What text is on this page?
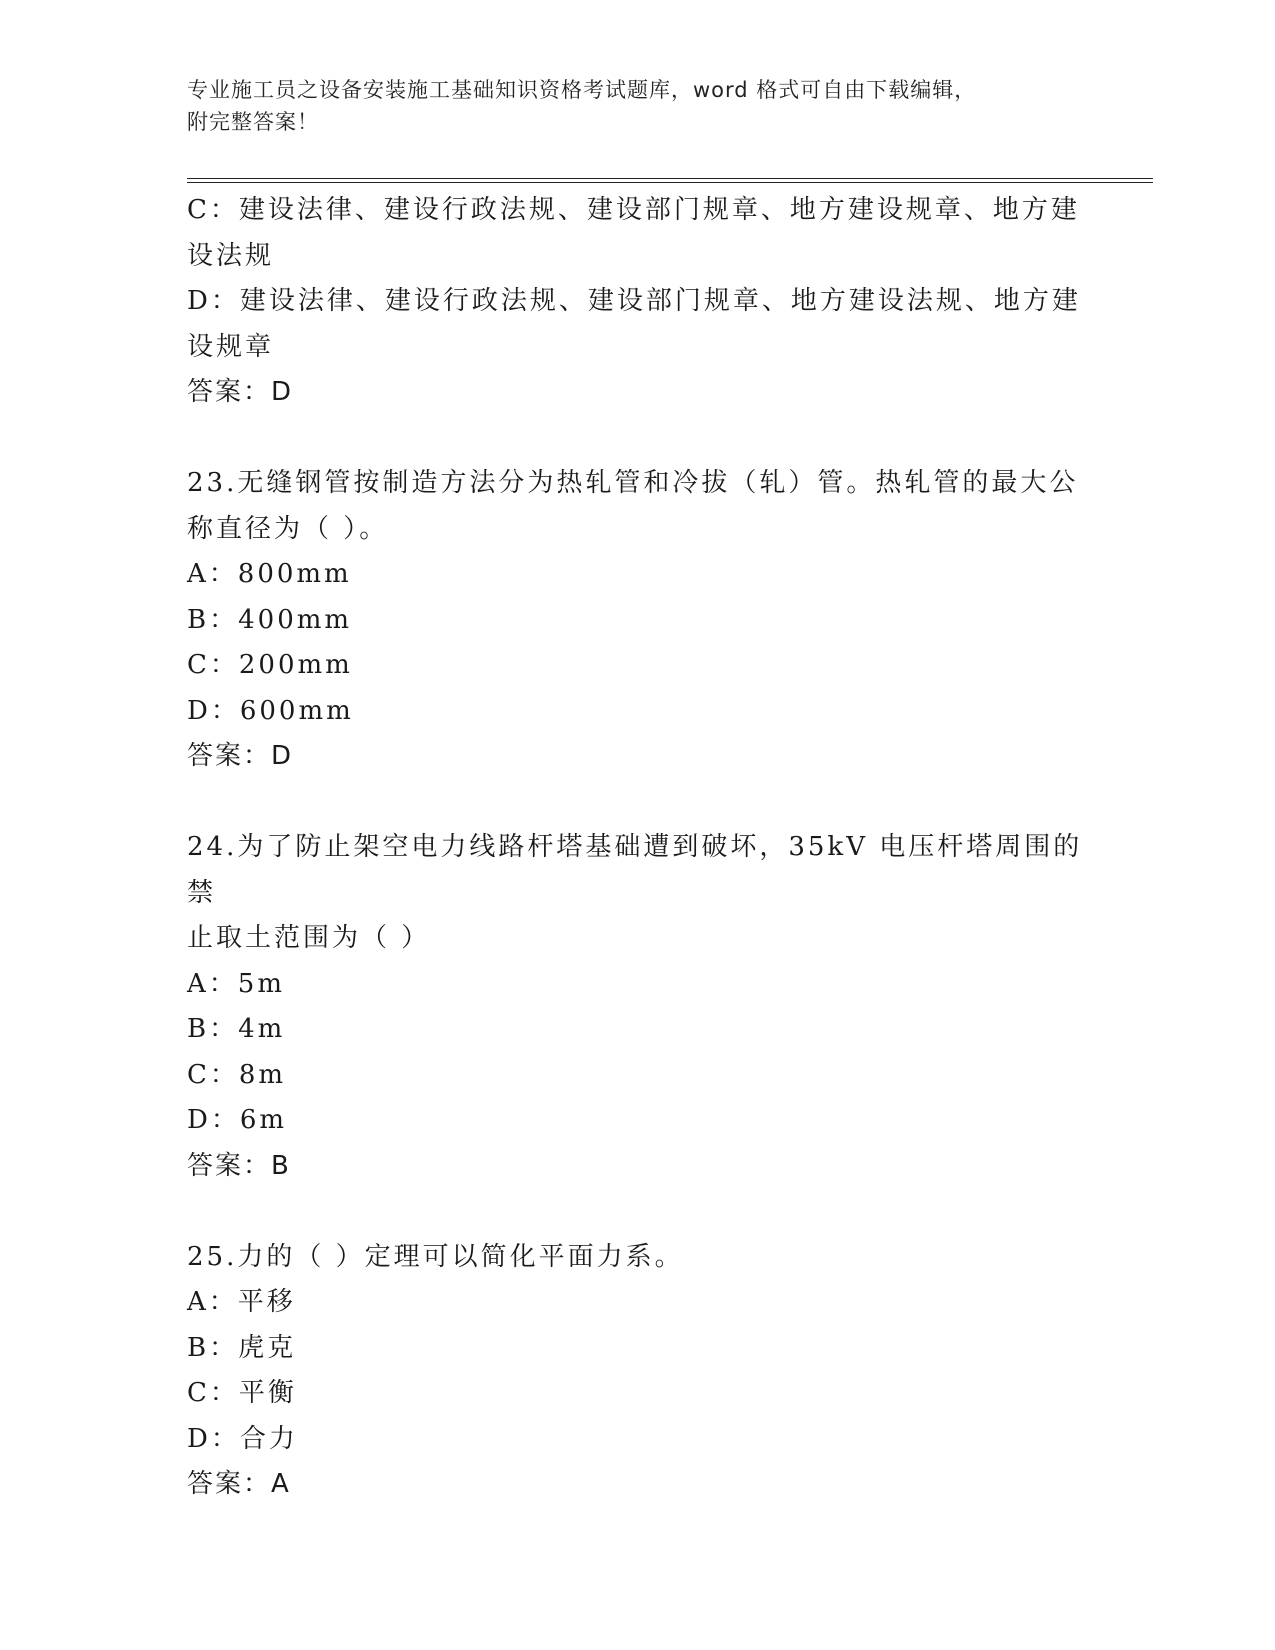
专业施工员之设备安装施工基础知识资格考试题库，word 格式可自由下载编辑，
附完整答案！
C：建设法律、建设行政法规、建设部门规章、地方建设规章、地方建
设法规
D：建设法律、建设行政法规、建设部门规章、地方建设法规、地方建
设规章
答案：D
23.无缝钢管按制造方法分为热轧管和冷拔（轧）管。热轧管的最大公
称直径为（ ）。
A：800mm
B：400mm
C：200mm
D：600mm
答案：D
24.为了防止架空电力线路杆塔基础遭到破坏，35kV 电压杆塔周围的禁
止取土范围为（ ）
A：5m
B：4m
C：8m
D：6m
答案：B
25.力的（ ）定理可以简化平面力系。
A：平移
B：虎克
C：平衡
D：合力
答案：A
